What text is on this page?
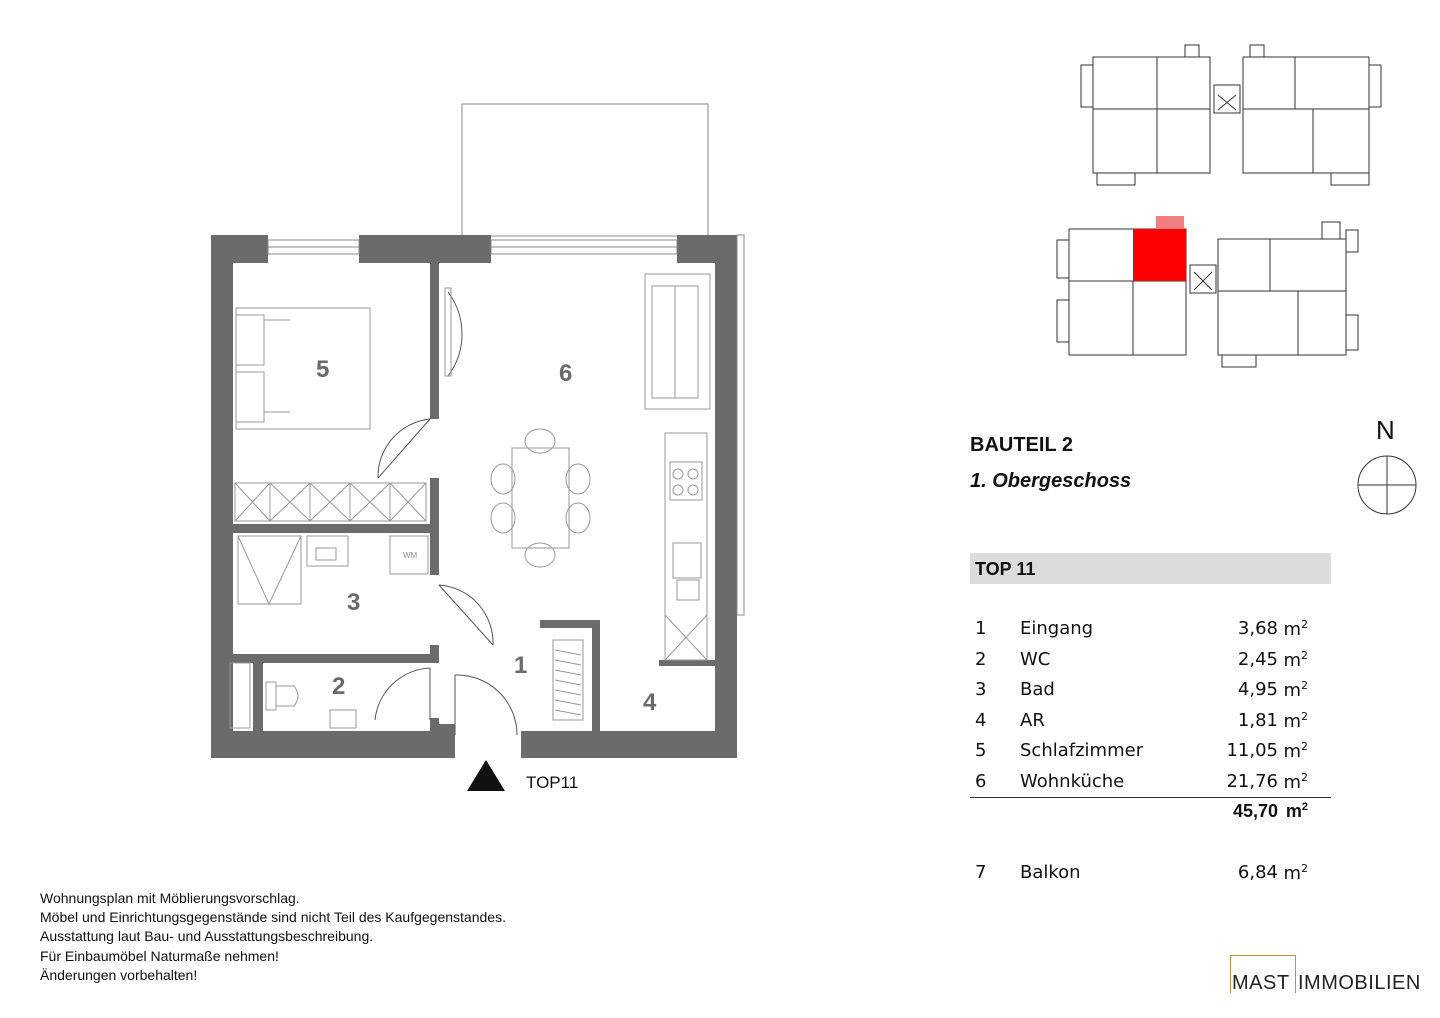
WM
5	6
3
2
1
4
TOP11
N
BAUTEIL 2
1. Obergeschoss
TOP 11
1 Eingang	3,68 $m^2$
2 WC	2,45 $m^2$
3 Bad	4,95 $m^2$
4 AR	1,81 $m^2$
5 Schlafzimmer	11,05 $m^2$
6 Wohnküche	21,76 $m^2$
45,70 $m^2$
7 Balkon	6,84 $m^2$
Wohnungsplan mit Möblierungsvorschlag.
Möbel und Einrichtungsgegenstände sind nicht Teil des Kaufgegenstandes.
Ausstattung laut Bau- und Ausstattungsbeschreibung.
Für Einbaumöbel Naturmaße nehmen!
Änderungen vorbehalten!	MAST IMMOBILIEN
